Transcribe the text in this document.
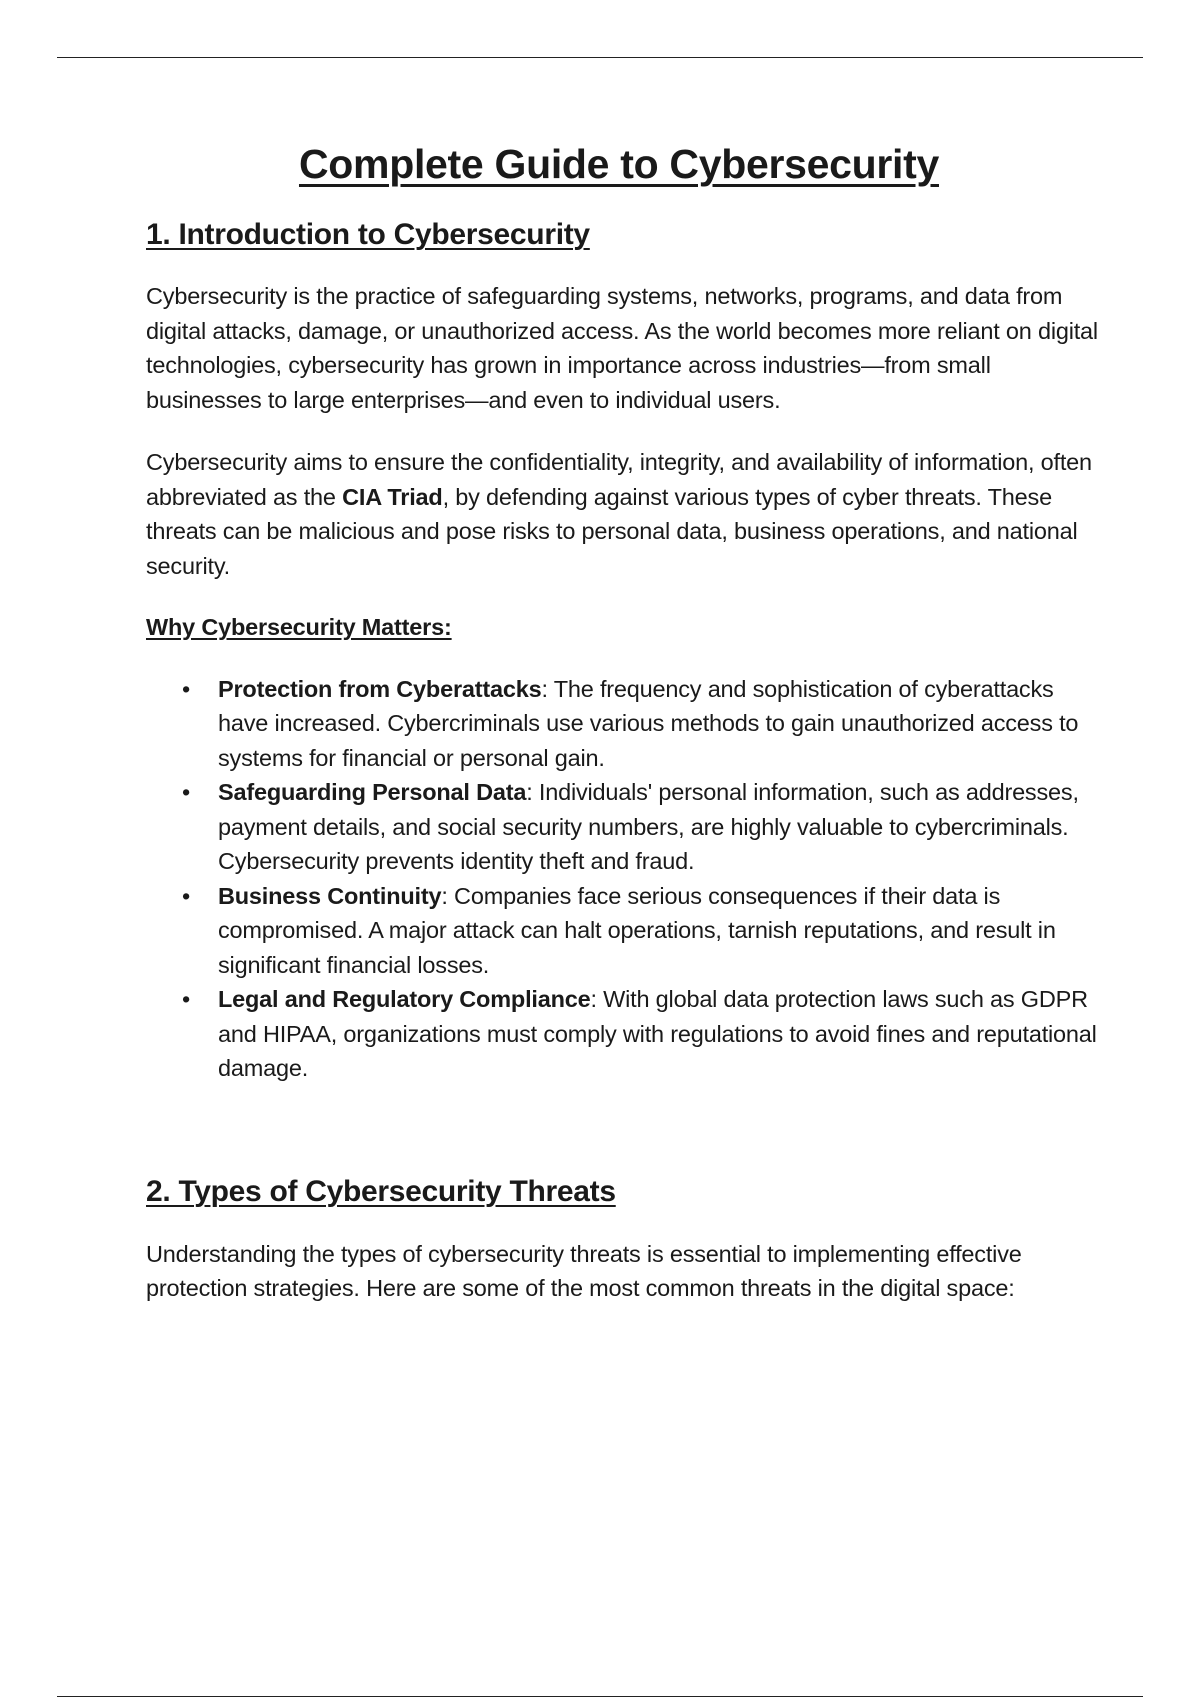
Complete Guide to Cybersecurity
1. Introduction to Cybersecurity

Cybersecurity is the practice of safeguarding systems, networks, programs, and data from digital attacks, damage, or unauthorized access. As the world becomes more reliant on digital technologies, cybersecurity has grown in importance across industries—from small businesses to large enterprises—and even to individual users.

Cybersecurity aims to ensure the confidentiality, integrity, and availability of information, often abbreviated as the CIA Triad, by defending against various types of cyber threats. These threats can be malicious and pose risks to personal data, business operations, and national security.

Why Cybersecurity Matters:
• Protection from Cyberattacks: The frequency and sophistication of cyberattacks have increased. Cybercriminals use various methods to gain unauthorized access to systems for financial or personal gain.
• Safeguarding Personal Data: Individuals' personal information, such as addresses, payment details, and social security numbers, are highly valuable to cybercriminals. Cybersecurity prevents identity theft and fraud.
• Business Continuity: Companies face serious consequences if their data is compromised. A major attack can halt operations, tarnish reputations, and result in significant financial losses.
• Legal and Regulatory Compliance: With global data protection laws such as GDPR and HIPAA, organizations must comply with regulations to avoid fines and reputational damage.
2. Types of Cybersecurity Threats

Understanding the types of cybersecurity threats is essential to implementing effective protection strategies. Here are some of the most common threats in the digital space:
